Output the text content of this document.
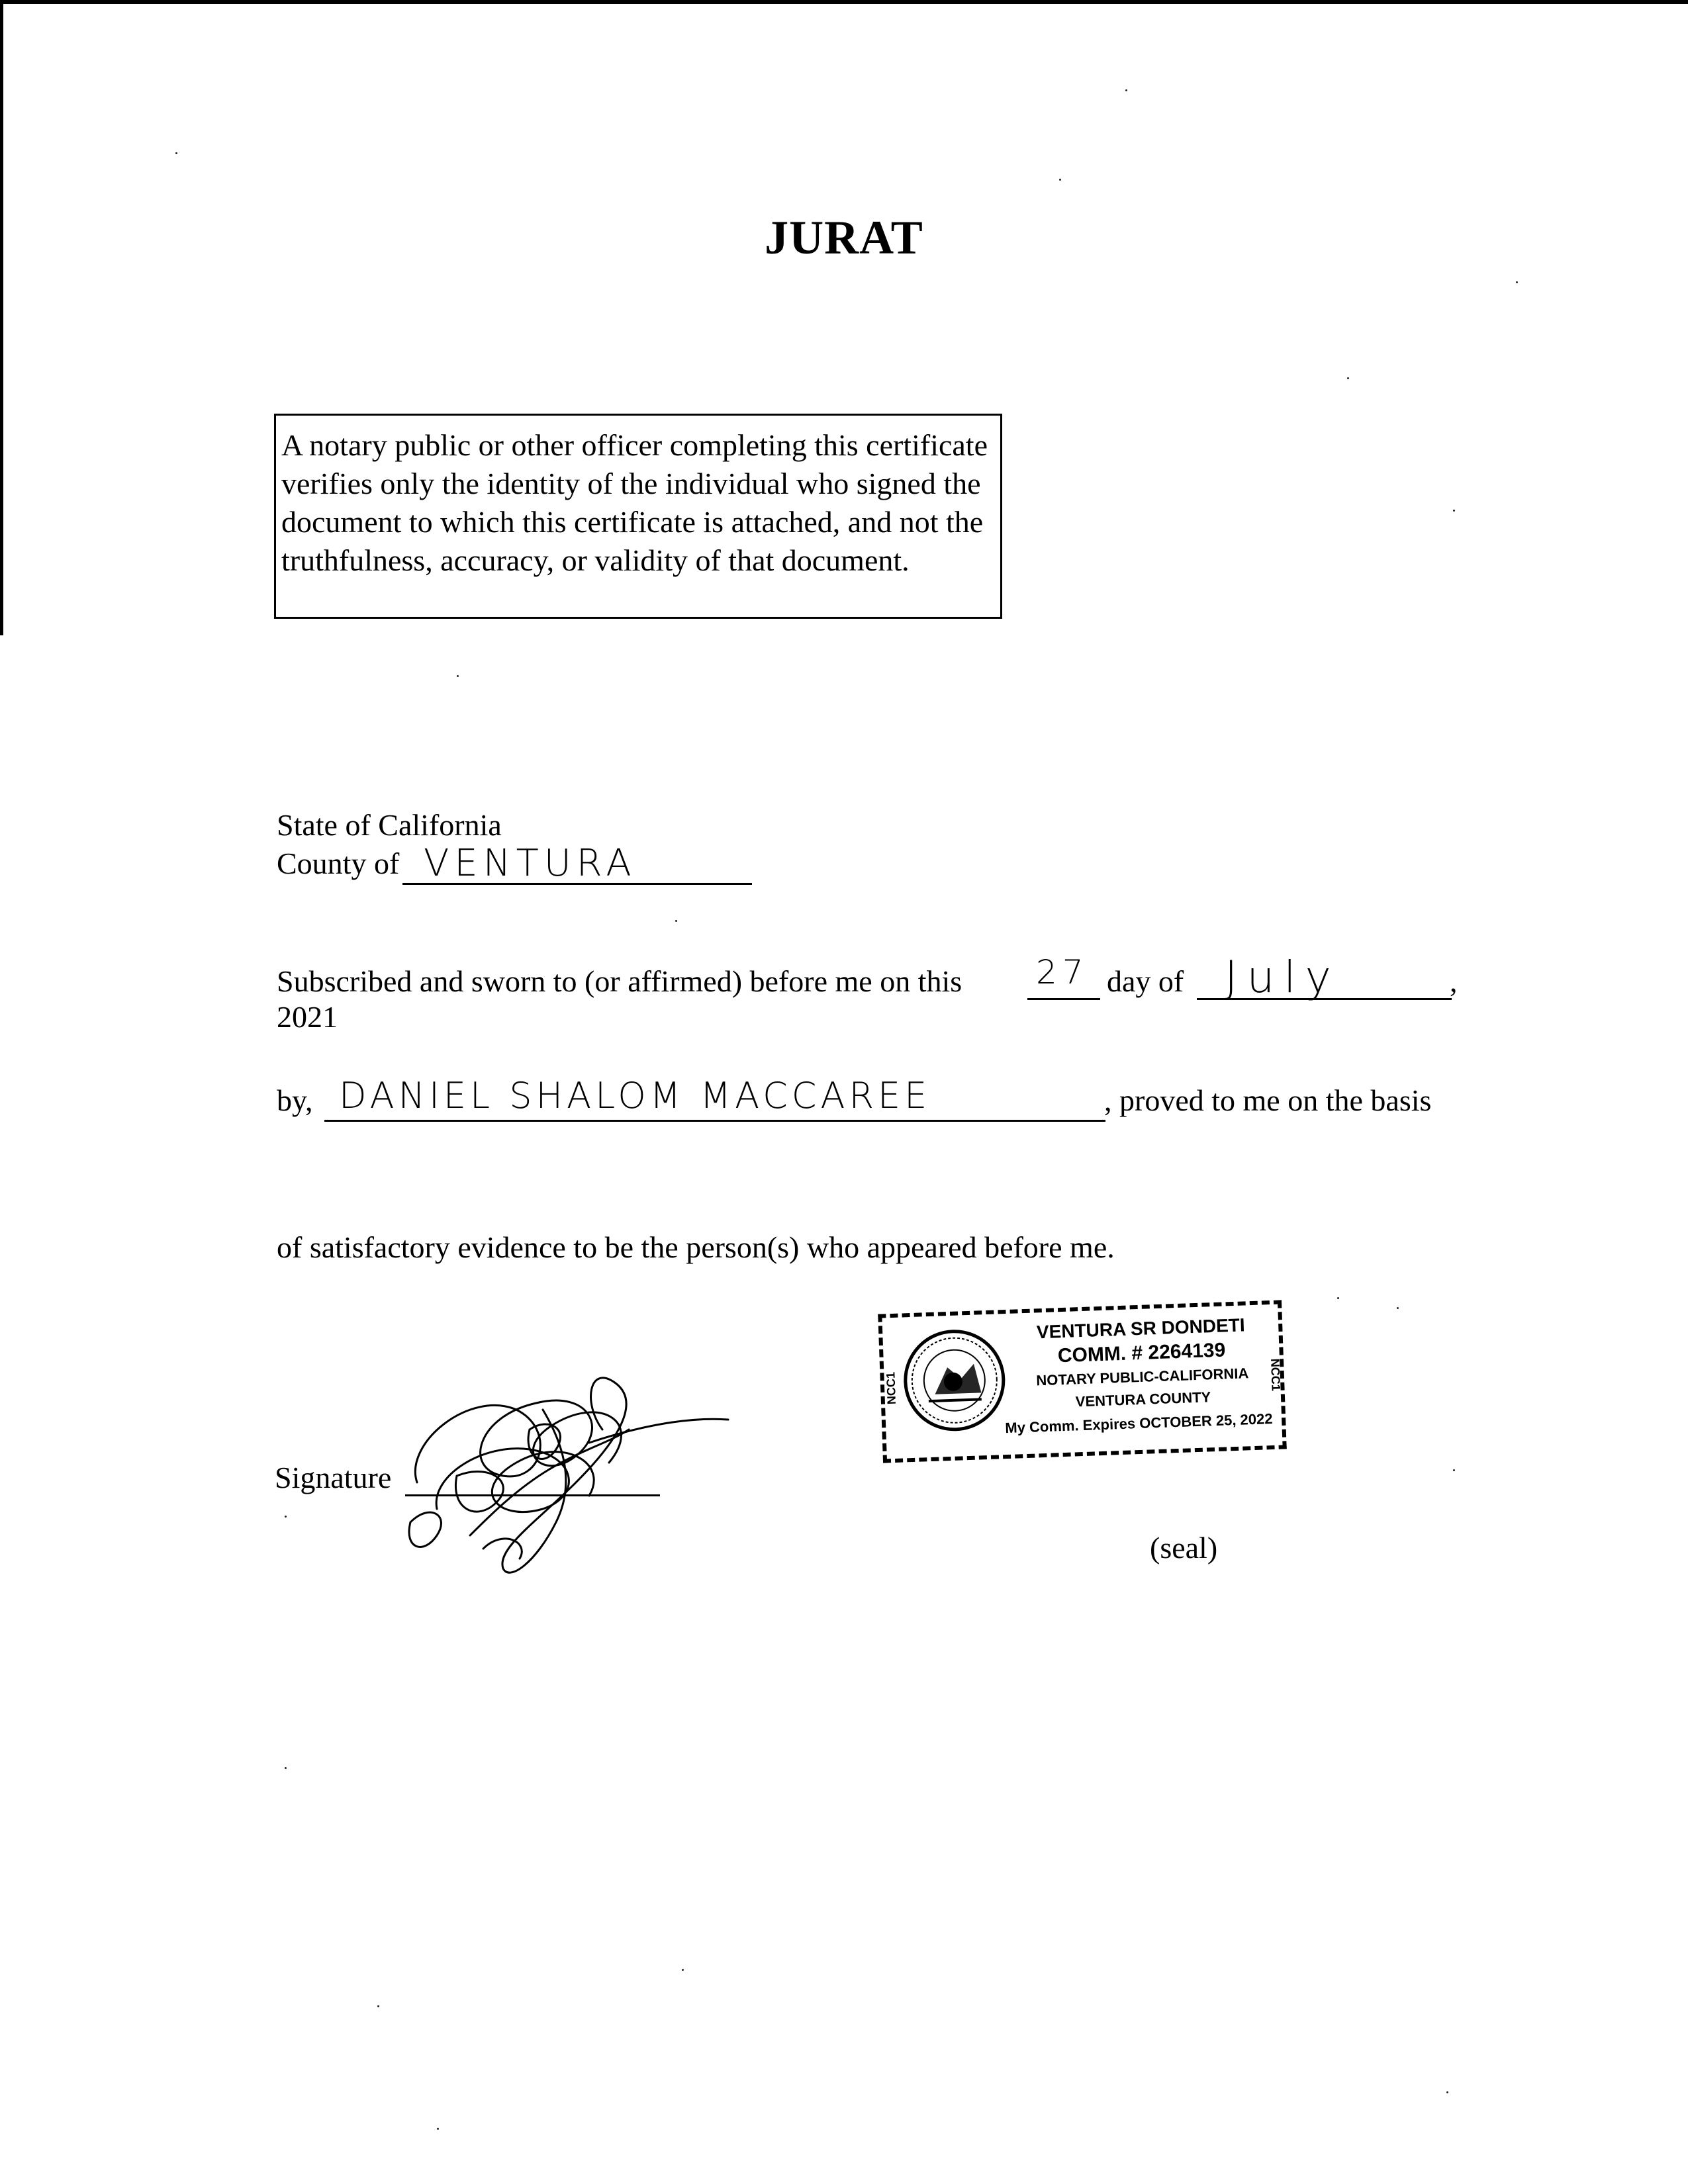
JURAT
A notary public or other officer completing this certificate verifies only the identity of the individual who signed the document to which this certificate is attached, and not the truthfulness, accuracy, or validity of that document.
State of California
County of VENTURA
Subscribed and sworn to (or affirmed) before me on this 27 day of July	,
2021
by, DANIEL SHALOM MACCAREE	, proved to me on the basis
of satisfactory evidence to be the person(s) who appeared before me.
Signature
VENTURA SR DONDETI
COMM. # 2264139
NOTARY PUBLIC-CALIFORNIA
VENTURA COUNTY
My Comm. Expires OCTOBER 25, 2022
NCC1	NCC1
(seal)
